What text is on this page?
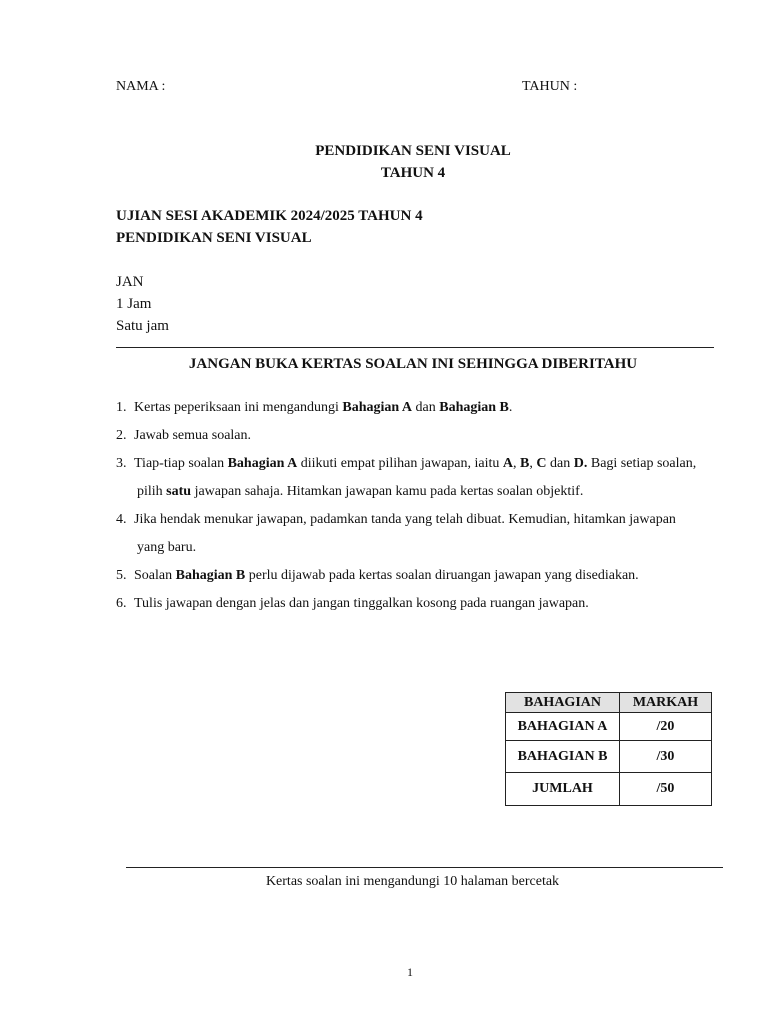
NAMA :	TAHUN :
PENDIDIKAN SENI VISUAL
TAHUN 4
UJIAN SESI AKADEMIK 2024/2025 TAHUN 4
PENDIDIKAN SENI VISUAL
JAN
1 Jam
Satu jam
JANGAN BUKA KERTAS SOALAN INI SEHINGGA DIBERITAHU
1. Kertas peperiksaan ini mengandungi Bahagian A dan Bahagian B.
2. Jawab semua soalan.
3. Tiap-tiap soalan Bahagian A diikuti empat pilihan jawapan, iaitu A, B, C dan D. Bagi setiap soalan,
pilih satu jawapan sahaja. Hitamkan jawapan kamu pada kertas soalan objektif.
4. Jika hendak menukar jawapan, padamkan tanda yang telah dibuat. Kemudian, hitamkan jawapan
yang baru.
5. Soalan Bahagian B perlu dijawab pada kertas soalan diruangan jawapan yang disediakan.
6. Tulis jawapan dengan jelas dan jangan tinggalkan kosong pada ruangan jawapan.
BAHAGIAN	MARKAH
BAHAGIAN A	/20
BAHAGIAN B	/30
JUMLAH	/50
Kertas soalan ini mengandungi 10 halaman bercetak
1
